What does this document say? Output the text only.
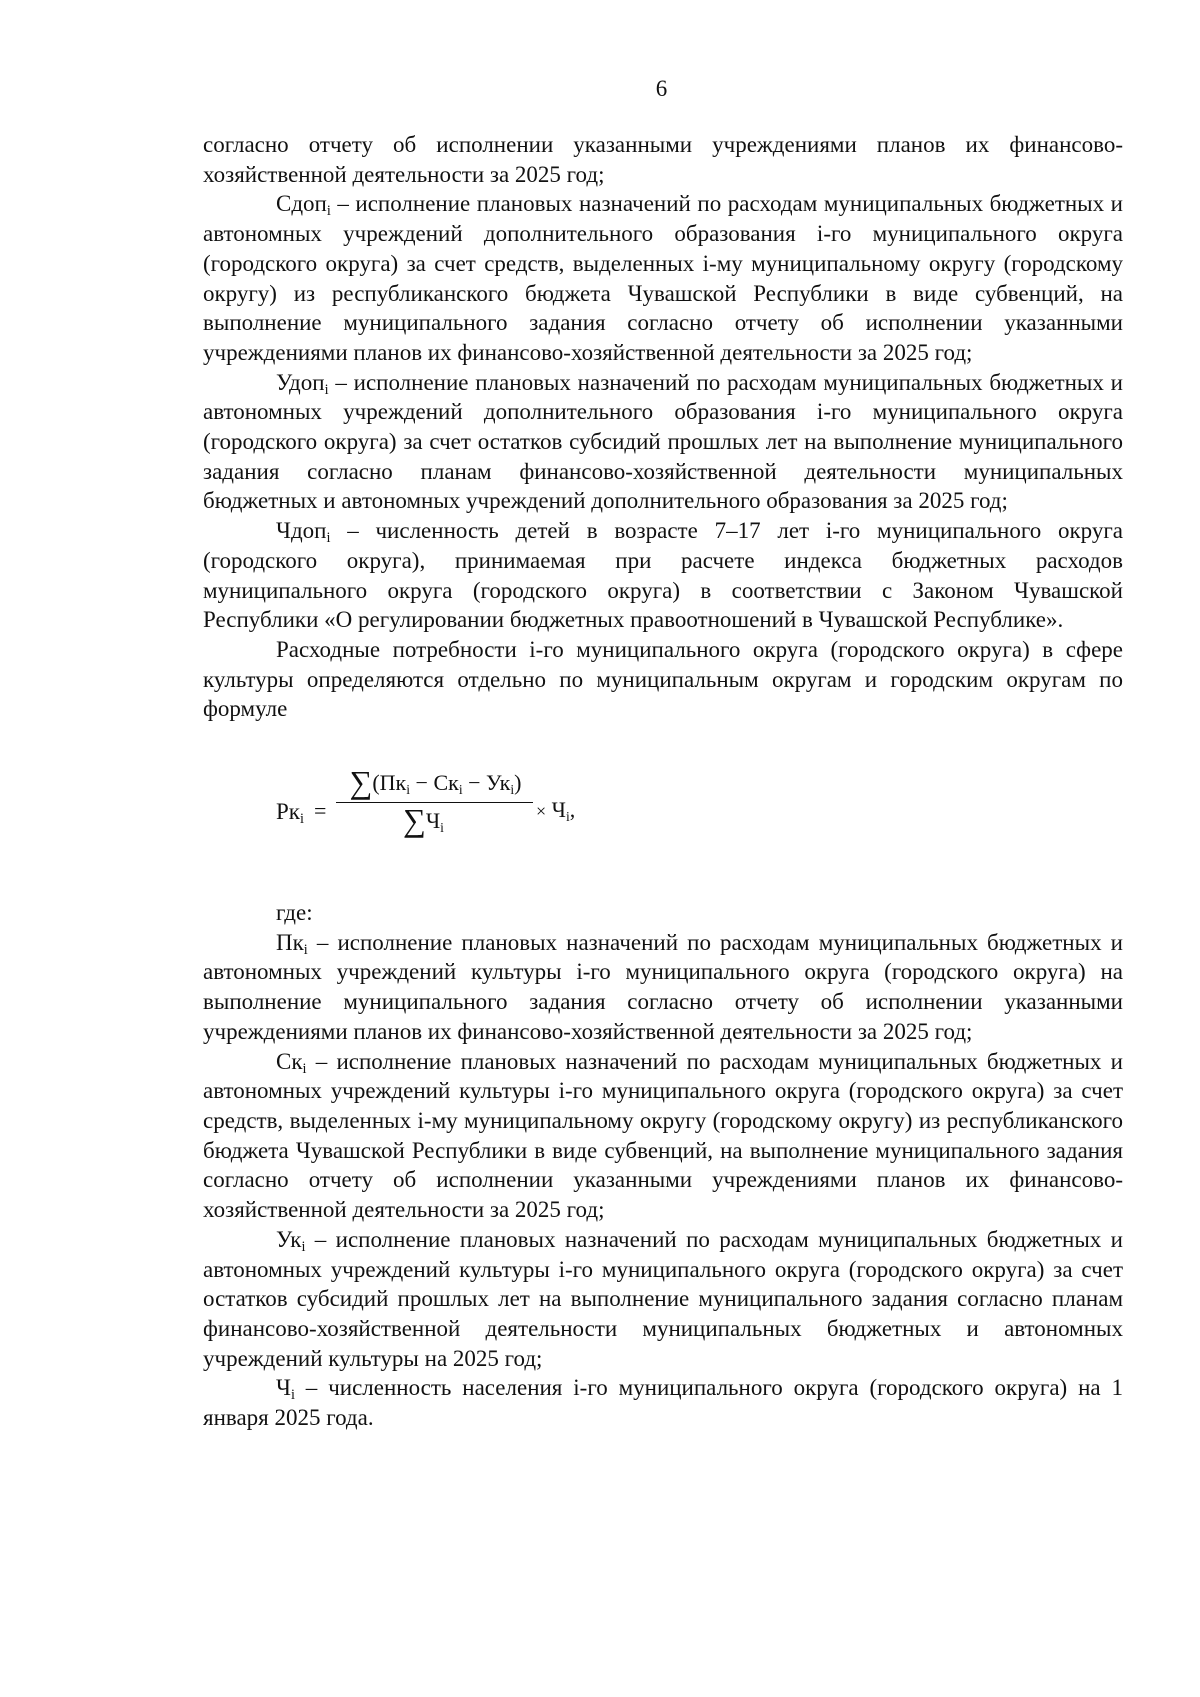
6

согласно отчету об исполнении указанными учреждениями планов их финансово-хозяйственной деятельности за 2025 год;

Сдоп$_i$ – исполнение плановых назначений по расходам муниципальных бюджетных и автономных учреждений дополнительного образования i-го муниципального округа (городского округа) за счет средств, выделенных i-му муниципальному округу (городскому округу) из республиканского бюджета Чувашской Республики в виде субвенций, на выполнение муниципального задания согласно отчету об исполнении указанными учреждениями планов их финансово-хозяйственной деятельности за 2025 год;

Удоп$_i$ – исполнение плановых назначений по расходам муниципальных бюджетных и автономных учреждений дополнительного образования i-го муниципального округа (городского округа) за счет остатков субсидий прошлых лет на выполнение муниципального задания согласно планам финансово-хозяйственной деятельности муниципальных бюджетных и автономных учреждений дополнительного образования за 2025 год;

Чдоп$_i$ – численность детей в возрасте 7–17 лет i-го муниципального округа (городского округа), принимаемая при расчете индекса бюджетных расходов муниципального округа (городского округа) в соответствии с Законом Чувашской Республики «О регулировании бюджетных правоотношений в Чувашской Республике».

Расходные потребности i-го муниципального округа (городского округа) в сфере культуры определяются отдельно по муниципальным округам и городским округам по формуле

$Рк_i$ =
$\sum(Пк_i - Ск_i - Ук_i)$
$\sum Ч_i$
× $Ч_i$,

где:

$Пк_i$ – исполнение плановых назначений по расходам муниципальных бюджетных и автономных учреждений культуры i-го муниципального округа (городского округа) на выполнение муниципального задания согласно отчету об исполнении указанными учреждениями планов их финансово-хозяйственной деятельности за 2025 год;

$Ск_i$ – исполнение плановых назначений по расходам муниципальных бюджетных и автономных учреждений культуры i-го муниципального округа (городского округа) за счет средств, выделенных i-му муниципальному округу (городскому округу) из республиканского бюджета Чувашской Республики в виде субвенций, на выполнение муниципального задания согласно отчету об исполнении указанными учреждениями планов их финансово-хозяйственной деятельности за 2025 год;

$Ук_i$ – исполнение плановых назначений по расходам муниципальных бюджетных и автономных учреждений культуры i-го муниципального округа (городского округа) за счет остатков субсидий прошлых лет на выполнение муниципального задания согласно планам финансово-хозяйственной деятельности муниципальных бюджетных и автономных учреждений культуры на 2025 год;

$Ч_i$ – численность населения i-го муниципального округа (городского округа) на 1 января 2025 года.
